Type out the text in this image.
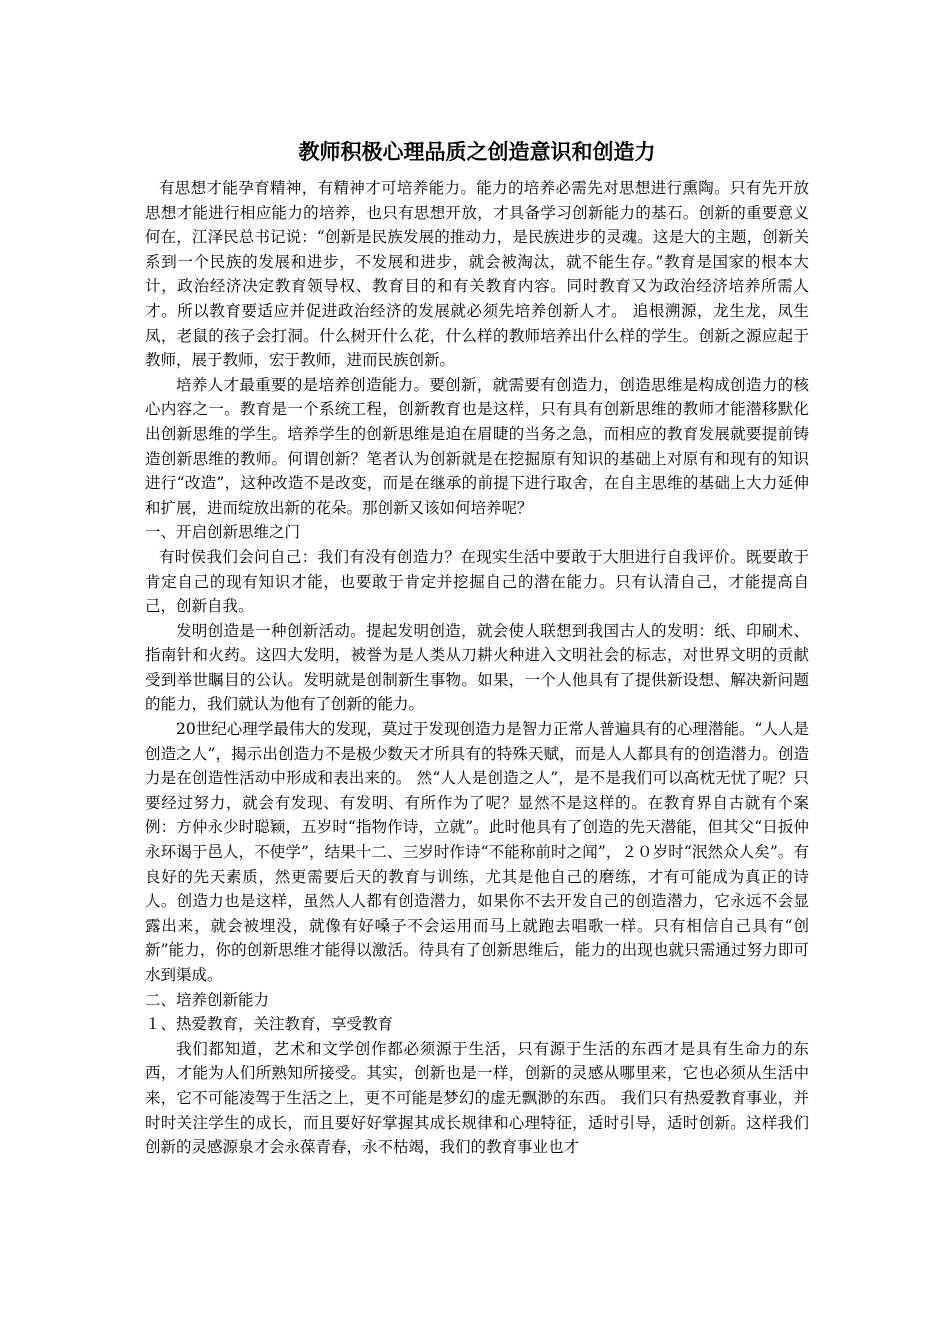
教师积极心理品质之创造意识和创造力

有思想才能孕育精神，有精神才可培养能力。能力的培养必需先对思想进行熏陶。只有先开放思想才能进行相应能力的培养，也只有思想开放，才具备学习创新能力的基石。创新的重要意义何在，江泽民总书记说：“创新是民族发展的推动力，是民族进步的灵魂。这是大的主题，创新关系到一个民族的发展和进步，不发展和进步，就会被淘汰，就不能生存。”教育是国家的根本大计，政治经济决定教育领导权、教育目的和有关教育内容。同时教育又为政治经济培养所需人才。所以教育要适应并促进政治经济的发展就必须先培养创新人才。 追根溯源，龙生龙，凤生凤，老鼠的孩子会打洞。什么树开什么花，什么样的教师培养出什么样的学生。创新之源应起于教师，展于教师，宏于教师，进而民族创新。

培养人才最重要的是培养创造能力。要创新，就需要有创造力，创造思维是构成创造力的核心内容之一。教育是一个系统工程，创新教育也是这样，只有具有创新思维的教师才能潜移默化出创新思维的学生。培养学生的创新思维是迫在眉睫的当务之急，而相应的教育发展就要提前铸造创新思维的教师。何谓创新？笔者认为创新就是在挖掘原有知识的基础上对原有和现有的知识进行“改造”，这种改造不是改变，而是在继承的前提下进行取舍，在自主思维的基础上大力延伸和扩展，进而绽放出新的花朵。那创新又该如何培养呢？

一、开启创新思维之门

有时侯我们会问自己：我们有没有创造力？在现实生活中要敢于大胆进行自我评价。既要敢于肯定自己的现有知识才能，也要敢于肯定并挖掘自己的潜在能力。只有认清自己，才能提高自己，创新自我。

发明创造是一种创新活动。提起发明创造，就会使人联想到我国古人的发明：纸、印刷术、指南针和火药。这四大发明，被誉为是人类从刀耕火种进入文明社会的标志，对世界文明的贡献受到举世瞩目的公认。发明就是创制新生事物。如果，一个人他具有了提供新设想、解决新问题的能力，我们就认为他有了创新的能力。

20世纪心理学最伟大的发现，莫过于发现创造力是智力正常人普遍具有的心理潜能。“人人是创造之人”，揭示出创造力不是极少数天才所具有的特殊天赋，而是人人都具有的创造潜力。创造力是在创造性活动中形成和表出来的。 然“人人是创造之人”，是不是我们可以高枕无忧了呢？只要经过努力，就会有发现、有发明、有所作为了呢？显然不是这样的。在教育界自古就有个案例：方仲永少时聪颖，五岁时“指物作诗，立就”。此时他具有了创造的先天潜能，但其父“日扳仲永环谒于邑人，不使学”，结果十二、三岁时作诗“不能称前时之闻”，２０岁时“泯然众人矣”。有良好的先天素质，然更需要后天的教育与训练，尤其是他自己的磨练，才有可能成为真正的诗人。创造力也是这样，虽然人人都有创造潜力，如果你不去开发自己的创造潜力，它永远不会显露出来，就会被埋没，就像有好嗓子不会运用而马上就跑去唱歌一样。只有相信自己具有“创新”能力，你的创新思维才能得以激活。待具有了创新思维后，能力的出现也就只需通过努力即可水到渠成。

二、培养创新能力

１、热爱教育，关注教育，享受教育

我们都知道，艺术和文学创作都必须源于生活，只有源于生活的东西才是具有生命力的东西，才能为人们所熟知所接受。其实，创新也是一样，创新的灵感从哪里来，它也必须从生活中来，它不可能凌驾于生活之上，更不可能是梦幻的虚无飘渺的东西。 我们只有热爱教育事业，并时时关注学生的成长，而且要好好掌握其成长规律和心理特征，适时引导，适时创新。这样我们创新的灵感源泉才会永葆青春，永不枯竭，我们的教育事业也才
